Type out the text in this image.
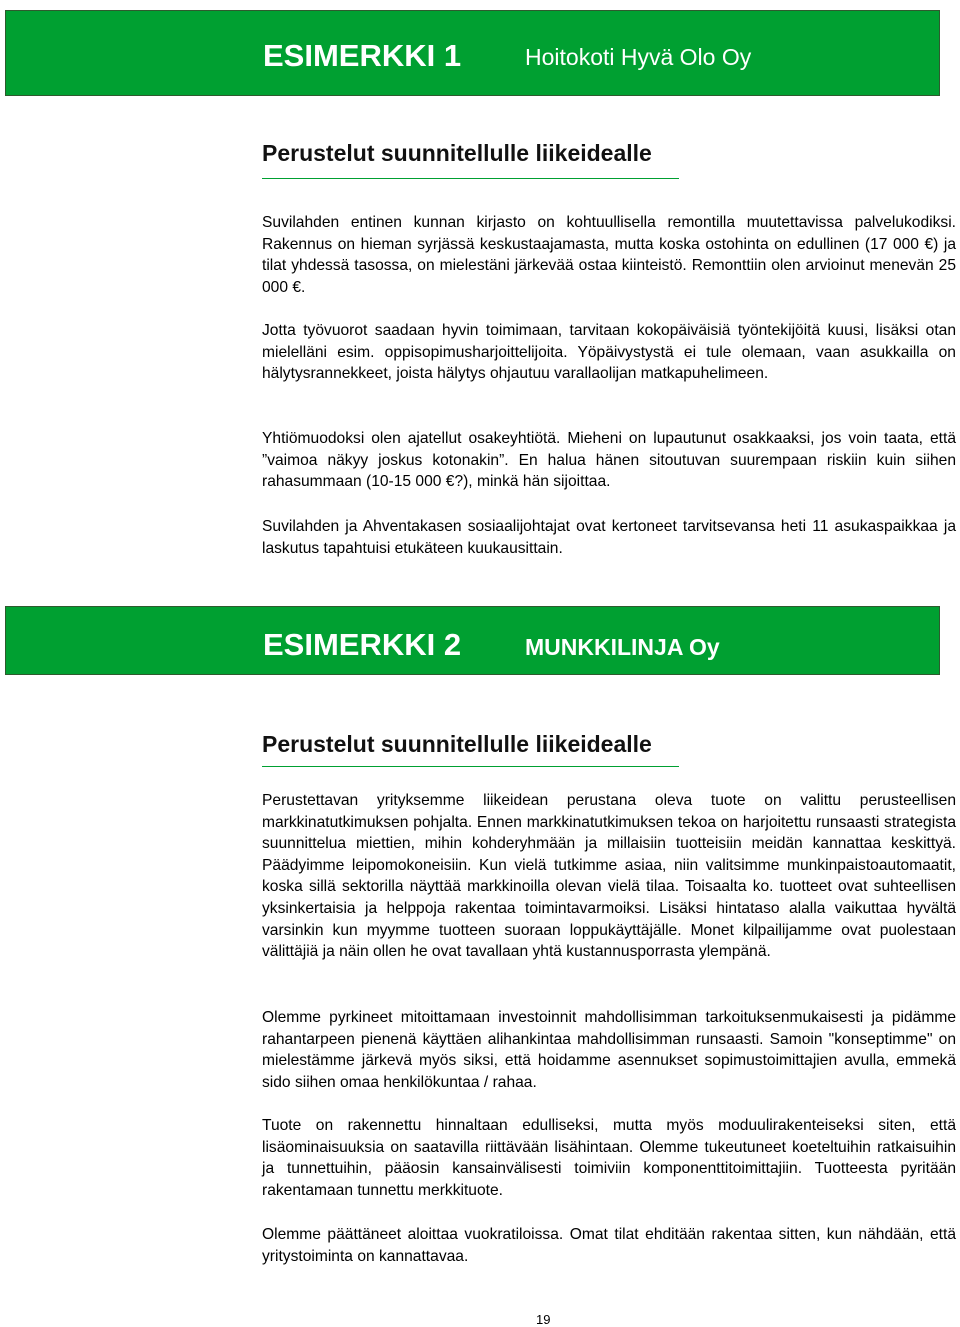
ESIMERKKI 1	Hoitokoti Hyvä Olo Oy
Perustelut suunnitellulle liikeidealle

Suvilahden entinen kunnan kirjasto on kohtuullisella remontilla muutettavissa palvelukodiksi. Rakennus on hieman syrjässä keskustaajamasta, mutta koska ostohinta on edullinen (17 000 €) ja tilat yhdessä tasossa, on mielestäni järkevää ostaa kiinteistö. Remonttiin olen arvioinut menevän 25 000 €.

Jotta työvuorot saadaan hyvin toimimaan, tarvitaan kokopäiväisiä työntekijöitä kuusi, lisäksi otan mielelläni esim. oppisopimusharjoittelijoita. Yöpäivystystä ei tule olemaan, vaan asukkailla on hälytysrannekkeet, joista hälytys ohjautuu varallaolijan matkapuhelimeen.

Yhtiömuodoksi olen ajatellut osakeyhtiötä. Mieheni on lupautunut osakkaaksi, jos voin taata, että ”vaimoa näkyy joskus kotonakin”. En halua hänen sitoutuvan suurempaan riskiin kuin siihen rahasummaan (10-15 000 €?), minkä hän sijoittaa.

Suvilahden ja Ahventakasen sosiaalijohtajat ovat kertoneet tarvitsevansa heti 11 asukaspaikkaa ja laskutus tapahtuisi etukäteen kuukausittain.

ESIMERKKI 2	MUNKKILINJA Oy
Perustelut suunnitellulle liikeidealle

Perustettavan yrityksemme liikeidean perustana oleva tuote on valittu perusteellisen markkinatutkimuksen pohjalta. Ennen markkinatutkimuksen tekoa on harjoitettu runsaasti strategista suunnittelua miettien, mihin kohderyhmään ja millaisiin tuotteisiin meidän kannattaa keskittyä. Päädyimme leipomokoneisiin. Kun vielä tutkimme asiaa, niin valitsimme munkinpaistoautomaatit, koska sillä sektorilla näyttää markkinoilla olevan vielä tilaa. Toisaalta ko. tuotteet ovat suhteellisen yksinkertaisia ja helppoja rakentaa toimintavarmoiksi. Lisäksi hintataso alalla vaikuttaa hyvältä varsinkin kun myymme tuotteen suoraan loppukäyttäjälle. Monet kilpailijamme ovat puolestaan välittäjiä ja näin ollen he ovat tavallaan yhtä kustannusporrasta ylempänä.

Olemme pyrkineet mitoittamaan investoinnit mahdollisimman tarkoituksenmukaisesti ja pidämme rahantarpeen pienenä käyttäen alihankintaa mahdollisimman runsaasti. Samoin "konseptimme" on mielestämme järkevä myös siksi, että hoidamme asennukset sopimustoimittajien avulla, emmekä sido siihen omaa henkilökuntaa / rahaa.

Tuote on rakennettu hinnaltaan edulliseksi, mutta myös moduulirakenteiseksi siten, että lisäominaisuuksia on saatavilla riittävään lisähintaan. Olemme tukeutuneet koeteltuihin ratkaisuihin ja tunnettuihin, pääosin kansainvälisesti toimiviin komponenttitoimittajiin. Tuotteesta pyritään rakentamaan tunnettu merkkituote.

Olemme päättäneet aloittaa vuokratiloissa. Omat tilat ehditään rakentaa sitten, kun nähdään, että yritystoiminta on kannattavaa.

19
